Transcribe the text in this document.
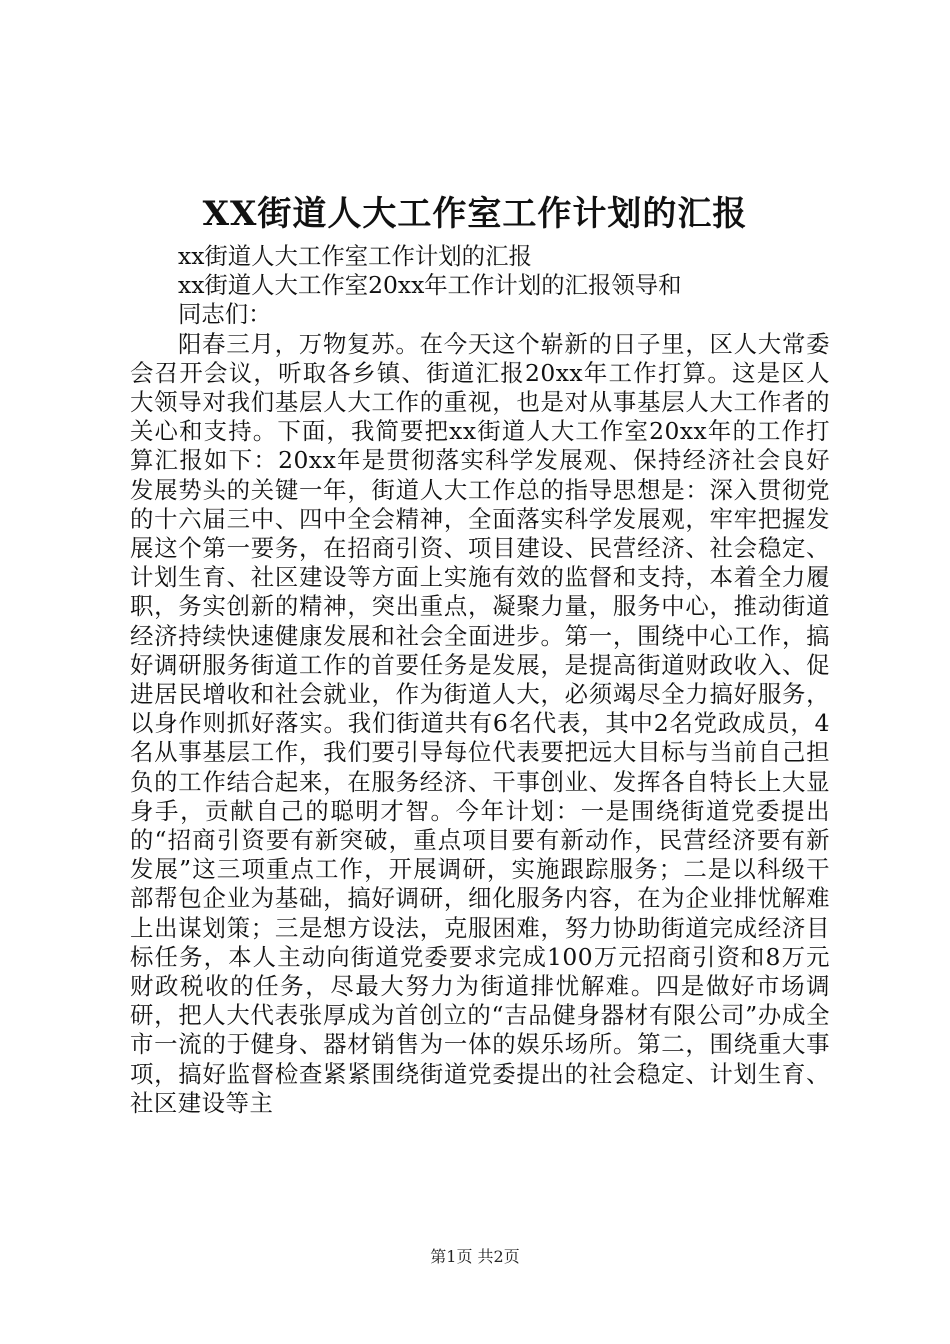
XX街道人大工作室工作计划的汇报

xx街道人大工作室工作计划的汇报

xx街道人大工作室20xx年工作计划的汇报领导和

同志们：

阳春三月，万物复苏。在今天这个崭新的日子里，区人大常委会召开会议，听取各乡镇、街道汇报20xx年工作打算。这是区人大领导对我们基层人大工作的重视，也是对从事基层人大工作者的关心和支持。下面，我简要把xx街道人大工作室20xx年的工作打算汇报如下：20xx年是贯彻落实科学发展观、保持经济社会良好发展势头的关键一年，街道人大工作总的指导思想是：深入贯彻党的十六届三中、四中全会精神，全面落实科学发展观，牢牢把握发展这个第一要务，在招商引资、项目建设、民营经济、社会稳定、计划生育、社区建设等方面上实施有效的监督和支持，本着全力履职，务实创新的精神，突出重点，凝聚力量，服务中心，推动街道经济持续快速健康发展和社会全面进步。第一，围绕中心工作，搞好调研服务街道工作的首要任务是发展，是提高街道财政收入、促进居民增收和社会就业，作为街道人大，必须竭尽全力搞好服务，以身作则抓好落实。我们街道共有6名代表，其中2名党政成员，4名从事基层工作，我们要引导每位代表要把远大目标与当前自己担负的工作结合起来，在服务经济、干事创业、发挥各自特长上大显身手，贡献自己的聪明才智。今年计划：一是围绕街道党委提出的“招商引资要有新突破，重点项目要有新动作，民营经济要有新发展”这三项重点工作，开展调研，实施跟踪服务；二是以科级干部帮包企业为基础，搞好调研，细化服务内容，在为企业排忧解难上出谋划策；三是想方设法，克服困难，努力协助街道完成经济目标任务，本人主动向街道党委要求完成100万元招商引资和8万元财政税收的任务，尽最大努力为街道排忧解难。四是做好市场调研，把人大代表张厚成为首创立的“吉品健身器材有限公司”办成全市一流的于健身、器材销售为一体的娱乐场所。第二，围绕重大事项，搞好监督检查紧紧围绕街道党委提出的社会稳定、计划生育、社区建设等主

第1页 共2页
